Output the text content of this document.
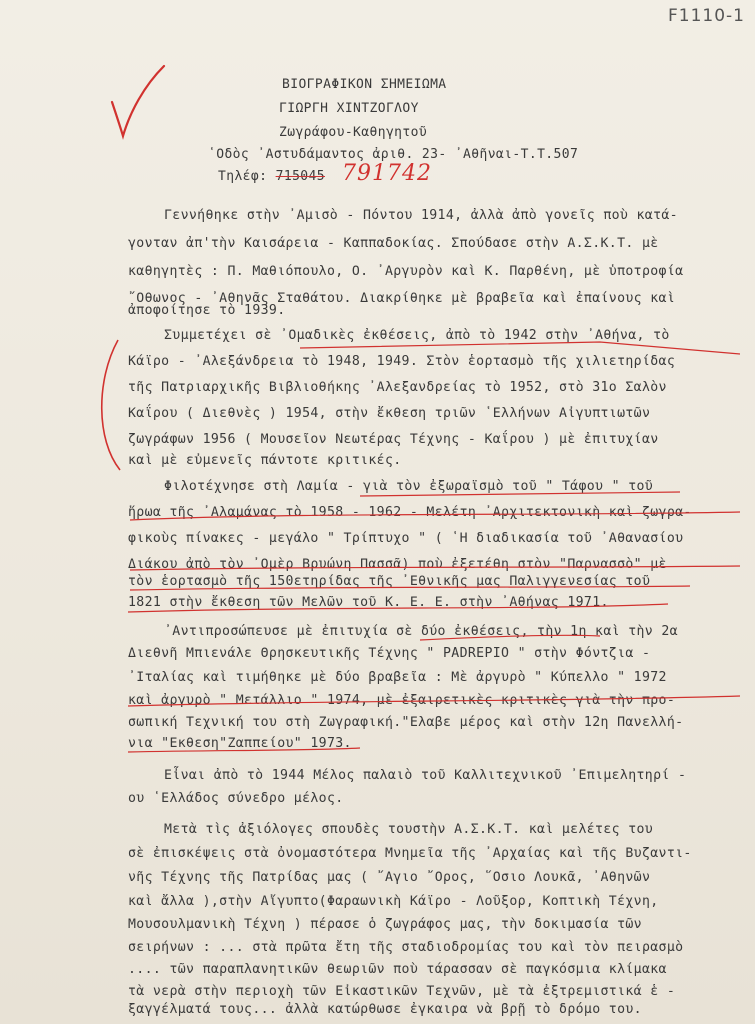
F1110-1
ΒΙΟΓΡΑΦΙΚΟΝ ΣΗΜΕΙΩΜΑ
ΓΙΩΡΓΗ ΧΙΝΤΖΟΓΛΟΥ
Ζωγράφου-Καθηγητοῦ
῾Οδὸς ᾿Αστυδάμαντος ἀριθ. 23- ᾿Αθῆναι-Τ.Τ.507
Τηλέφ: 715045 791742
Γεννήθηκε στὴν ᾿Αμισὸ - Πόντου 1914, ἀλλὰ ἀπὸ γονεῖς ποὺ κατά-
γονταν ἀπ'τὴν Καισάρεια - Καππαδοκίας. Σπούδασε στὴν Α.Σ.Κ.Τ. μὲ
καθηγητὲς : Π. Μαθιόπουλο, Ο. ᾿Αργυρὸν καὶ Κ. Παρθένη, μὲ ὑποτροφία
῎Οθωνος - ᾿Αθηνᾶς Σταθάτου. Διακρίθηκε μὲ βραβεῖα καὶ ἐπαίνους καὶ
ἀποφοίτησε τὸ 1939.
Συμμετέχει σὲ ᾿Ομαδικὲς ἐκθέσεις, ἀπὸ τὸ 1942 στὴν ᾿Αθήνα, τὸ
Κάϊρο - ᾿Αλεξάνδρεια τὸ 1948, 1949. Στὸν ἑορτασμὸ τῆς χιλιετηρίδας
τῆς Πατριαρχικῆς Βιβλιοθήκης ᾿Αλεξανδρείας τὸ 1952, στὸ 31ο Σαλὸν
Καΐρου ( Διεθνὲς ) 1954, στὴν ἔκθεση τριῶν ῾Ελλήνων Αἰγυπτιωτῶν
ζωγράφων 1956 ( Μουσεῖον Νεωτέρας Τέχνης - Καΐρου ) μὲ ἐπιτυχίαν
καὶ μὲ εὐμενεῖς πάντοτε κριτικές.
Φιλοτέχνησε στὴ Λαμία - γιὰ τὸν ἐξωραϊσμὸ τοῦ " Τάφου " τοῦ
ἥρωα τῆς ᾿Αλαμάνας τὸ 1958 - 1962 - Μελέτη ᾿Αρχιτεκτονικὴ καὶ ζωγρα-
φικοὺς πίνακες - μεγάλο " Τρίπτυχο " ( ῾Η διαδικασία τοῦ ᾿Αθανασίου
Διάκου ἀπὸ τὸν ᾿Ομὲρ Βρυώνη Πασσᾶ) ποὺ ἐξετέθη στὸν "Παρνασσὸ" μὲ
τὸν ἑορτασμὸ τῆς 150ετηρίδας τῆς ᾿Εθνικῆς μας Παλιγγενεσίας τοῦ
1821 στὴν ἔκθεση τῶν Μελῶν τοῦ Κ. Ε. Ε. στὴν ᾿Αθήνας 1971.
᾿Αντιπροσώπευσε μὲ ἐπιτυχία σὲ δύο ἐκθέσεις, τὴν 1η καὶ τὴν 2α
Διεθνῆ Μπιενάλε Θρησκευτικῆς Τέχνης " PADREPIO " στὴν Φόντζια -
᾿Ιταλίας καὶ τιμήθηκε μὲ δύο βραβεῖα : Μὲ ἀργυρὸ " Κύπελλο " 1972
καὶ ἀργυρὸ " Μετάλλιο " 1974, μὲ ἐξαιρετικὲς κριτικὲς γιὰ τὴν προ-
σωπική Τεχνική του στὴ Ζωγραφική."Ελαβε μέρος καὶ στὴν 12η Πανελλή-
νια "Εκθεση"Ζαππείου" 1973.
Εἶναι ἀπὸ τὸ 1944 Μέλος παλαιὸ τοῦ Καλλιτεχνικοῦ ᾿Επιμελητηρί -
ου ῾Ελλάδος σύνεδρο μέλος.
Μετὰ τὶς ἀξιόλογες σπουδὲς τουστὴν Α.Σ.Κ.Τ. καὶ μελέτες του
σὲ ἐπισκέψεις στὰ ὀνομαστότερα Μνημεῖα τῆς ᾿Αρχαίας καὶ τῆς Βυζαντι-
νῆς Τέχνης τῆς Πατρίδας μας ( ῎Αγιο ῎Ορος, ῞Οσιο Λουκᾶ, ᾿Αθηνῶν
καὶ ἄλλα ),στὴν Αἴγυπτο(Φαραωνικὴ Κάϊρο - Λοῦξορ, Κοπτικὴ Τέχνη,
Μουσουλμανικὴ Τέχνη ) πέρασε ὁ ζωγράφος μας, τὴν δοκιμασία τῶν
σειρήνων : ... στὰ πρῶτα ἔτη τῆς σταδιοδρομίας του καὶ τὸν πειρασμὸ
.... τῶν παραπλανητικῶν θεωριῶν ποὺ τάρασσαν σὲ παγκόσμια κλίμακα
τὰ νερὰ στὴν περιοχὴ τῶν Εἰκαστικῶν Τεχνῶν, μὲ τὰ ἐξτρεμιστικά ἑ -
ξαγγέλματά τους... ἀλλὰ κατώρθωσε ἐγκαιρα νὰ βρῇ τὸ δρόμο του.
